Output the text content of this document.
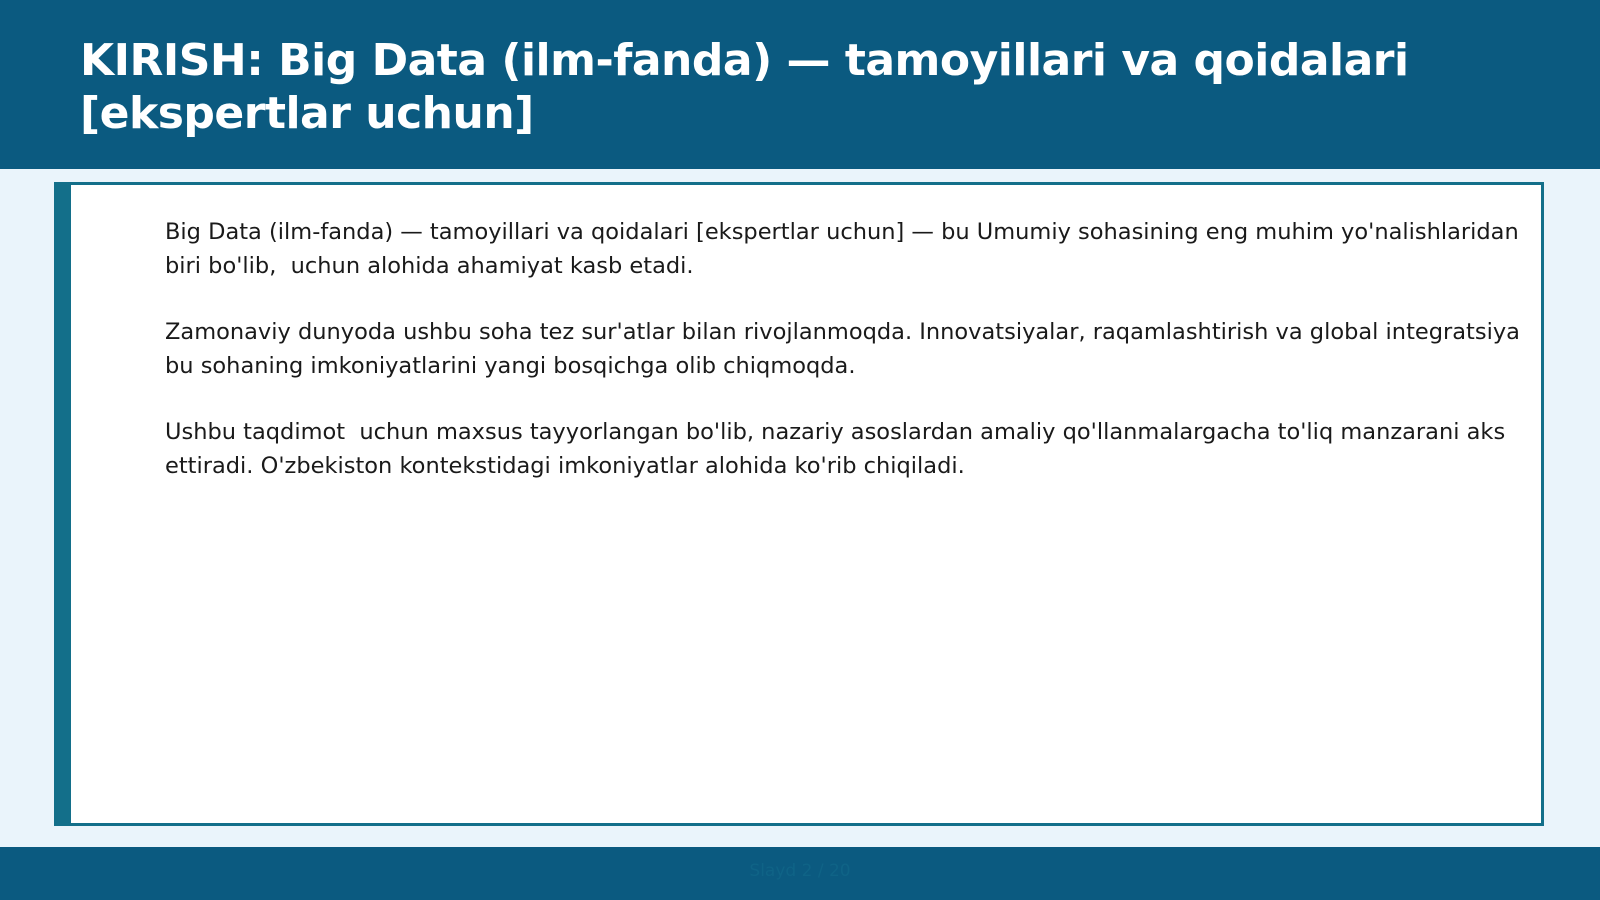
KIRISH: Big Data (ilm-fanda) — tamoyillari va qoidalari [ekspertlar uchun]

Big Data (ilm-fanda) — tamoyillari va qoidalari [ekspertlar uchun] — bu Umumiy sohasining eng muhim yo'nalishlaridan biri bo'lib,  uchun alohida ahamiyat kasb etadi.

Zamonaviy dunyoda ushbu soha tez sur'atlar bilan rivojlanmoqda. Innovatsiyalar, raqamlashtirish va global integratsiya bu sohaning imkoniyatlarini yangi bosqichga olib chiqmoqda.

Ushbu taqdimot  uchun maxsus tayyorlangan bo'lib, nazariy asoslardan amaliy qo'llanmalargacha to'liq manzarani aks ettiradi. O'zbekiston kontekstidagi imkoniyatlar alohida ko'rib chiqiladi.

Slayd 2 / 20
